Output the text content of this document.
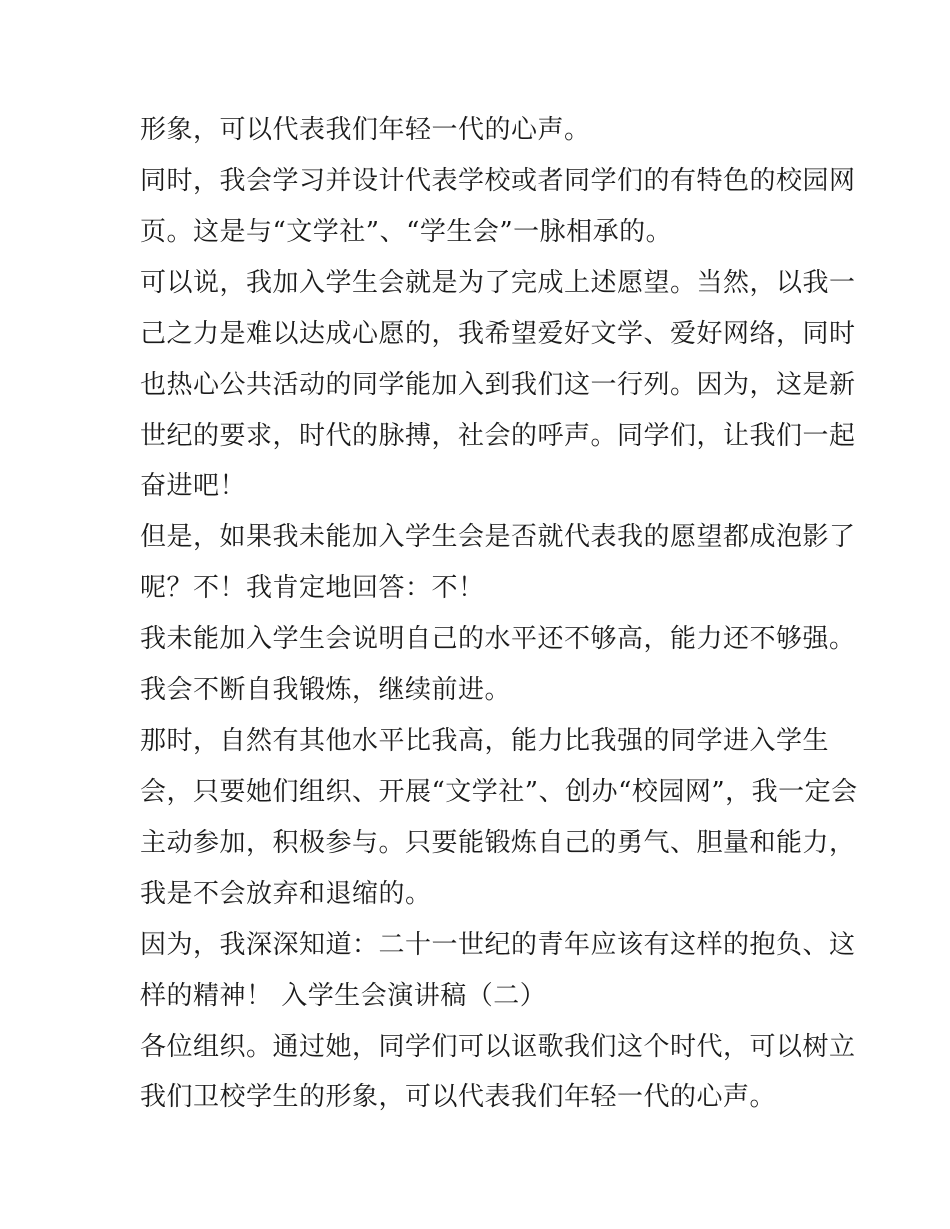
形象，可以代表我们年轻一代的心声。
同时，我会学习并设计代表学校或者同学们的有特色的校园网
页。这是与“文学社”、“学生会”一脉相承的。
可以说，我加入学生会就是为了完成上述愿望。当然，以我一
己之力是难以达成心愿的，我希望爱好文学、爱好网络，同时
也热心公共活动的同学能加入到我们这一行列。因为，这是新
世纪的要求，时代的脉搏，社会的呼声。同学们，让我们一起
奋进吧！
但是，如果我未能加入学生会是否就代表我的愿望都成泡影了
呢？不！我肯定地回答：不！
我未能加入学生会说明自己的水平还不够高，能力还不够强。
我会不断自我锻炼，继续前进。
那时，自然有其他水平比我高，能力比我强的同学进入学生
会，只要她们组织、开展“文学社”、创办“校园网”，我一定会
主动参加，积极参与。只要能锻炼自己的勇气、胆量和能力，
我是不会放弃和退缩的。
因为，我深深知道：二十一世纪的青年应该有这样的抱负、这
样的精神！ 入学生会演讲稿（二）
各位组织。通过她，同学们可以讴歌我们这个时代，可以树立
我们卫校学生的形象，可以代表我们年轻一代的心声。
